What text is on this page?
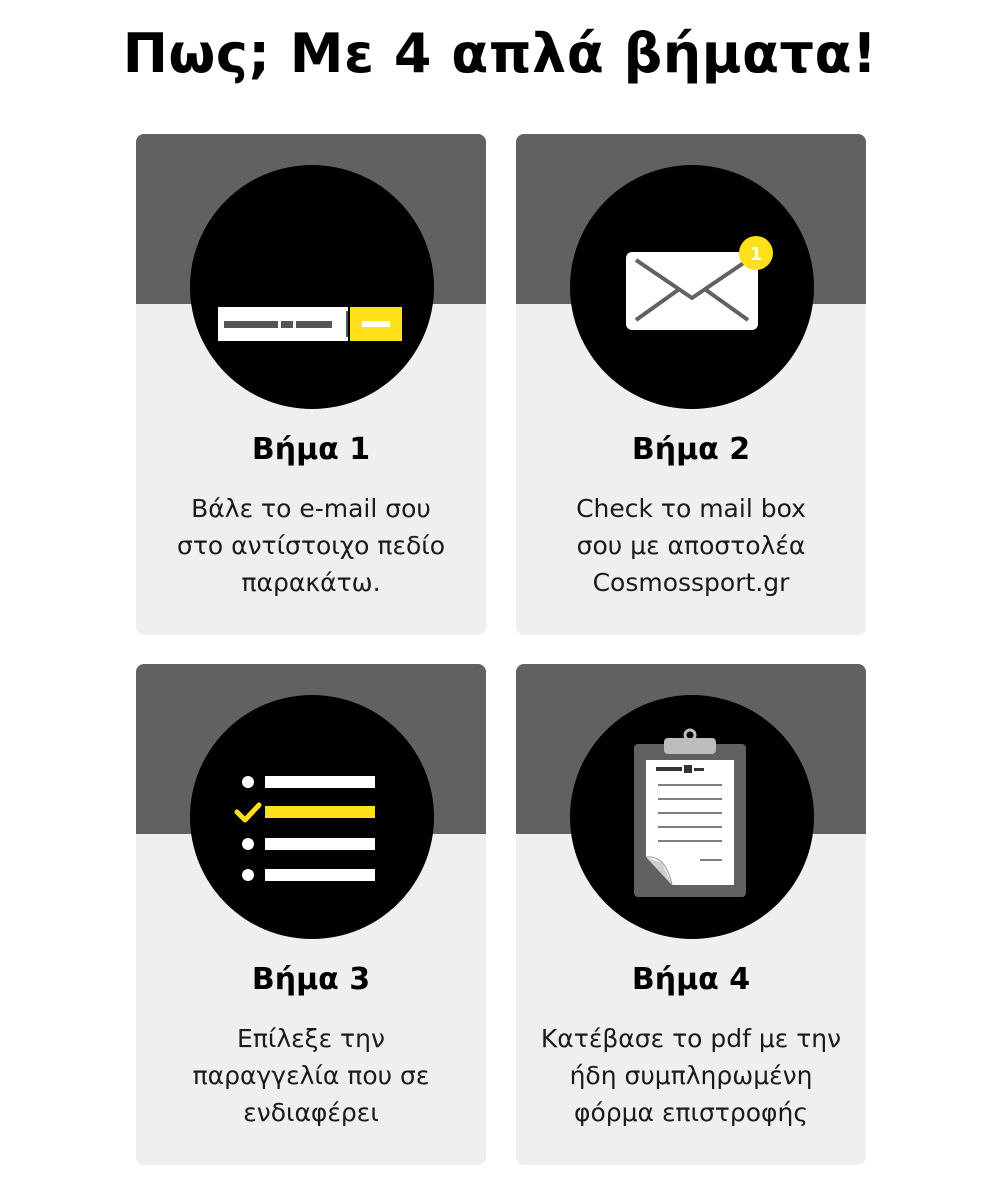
Πως; Με 4 απλά βήματα!
Βήμα 1
Βάλε το e-mail σου
στο αντίστοιχο πεδίο
παρακάτω.
1
Βήμα 2
Check το mail box
σου με αποστολέα
Cosmossport.gr
Βήμα 3
Επίλεξε την
παραγγελία που σε
ενδιαφέρει
Βήμα 4
Κατέβασε το pdf με την
ήδη συμπληρωμένη
φόρμα επιστροφής
